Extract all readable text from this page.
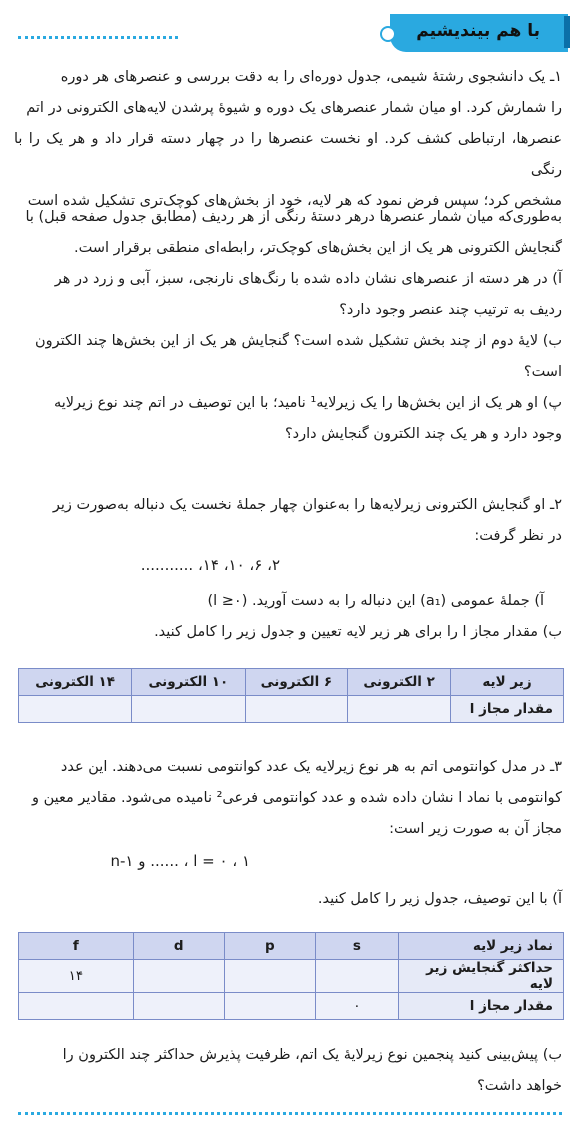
با هم بیندیشیم
۱ـ یک دانشجوی رشتهٔ شیمی، جدول دوره‌ای را به دقت بررسی و عنصرهای هر دوره
را شمارش کرد. او میان شمار عنصرهای یک دوره و شیوهٔ پرشدن لایه‌های الکترونی در اتم
عنصرها، ارتباطی کشف کرد. او نخست عنصرها را در چهار دسته قرار داد و هر یک را با رنگی
مشخص کرد؛ سپس فرض نمود که هر لایه، خود از بخش‌های کوچک‌تری تشکیل شده است
به‌طوری‌که میان شمار عنصرها درهر دستهٔ رنگی از هر ردیف (مطابق جدول صفحه قبل) با
گنجایش الکترونی هر یک از این بخش‌های کوچک‌تر، رابطه‌ای منطقی برقرار است.
آ) در هر دسته از عنصرهای نشان داده شده با رنگ‌های نارنجی، سبز، آبی و زرد در هر
ردیف به ترتیب چند عنصر وجود دارد؟
ب) لایهٔ دوم از چند بخش تشکیل شده است؟ گنجایش هر یک از این بخش‌ها چند الکترون
است؟
پ) او هر یک از این بخش‌ها را یک زیرلایه¹ نامید؛ با این توصیف در اتم چند نوع زیرلایه
وجود دارد و هر یک چند الکترون گنجایش دارد؟
۲ـ او گنجایش الکترونی زیرلایه‌ها را به‌عنوان چهار جملهٔ نخست یک دنباله به‌صورت زیر
در نظر گرفت:
۲، ۶، ۱۰، ۱۴، ...........
آ) جملهٔ عمومی (a₁) این دنباله را به دست آورید. (l ≥۰)
ب) مقدار مجاز l را برای هر زیر لایه تعیین و جدول زیر را کامل کنید.
زیر لایه	۲ الکترونی	۶ الکترونی	۱۰ الکترونی	۱۴ الکترونی
مقدار مجاز l				
۳ـ در مدل کوانتومی اتم به هر نوع زیرلایه یک عدد کوانتومی نسبت می‌دهند. این عدد
کوانتومی با نماد l نشان داده شده و عدد کوانتومی فرعی² نامیده می‌شود. مقادیر معین و
مجاز آن به صورت زیر است:
l = ۰ ، ۱ ، ...... و n-۱
آ) با این توصیف، جدول زیر را کامل کنید.
نماد زیر لایه	s	p	d	f
حداکثر گنجایش زیر لایه				۱۴
مقدار مجاز l	۰			
ب) پیش‌بینی کنید پنجمین نوع زیرلایهٔ یک اتم، ظرفیت پذیرش حداکثر چند الکترون را
خواهد داشت؟
